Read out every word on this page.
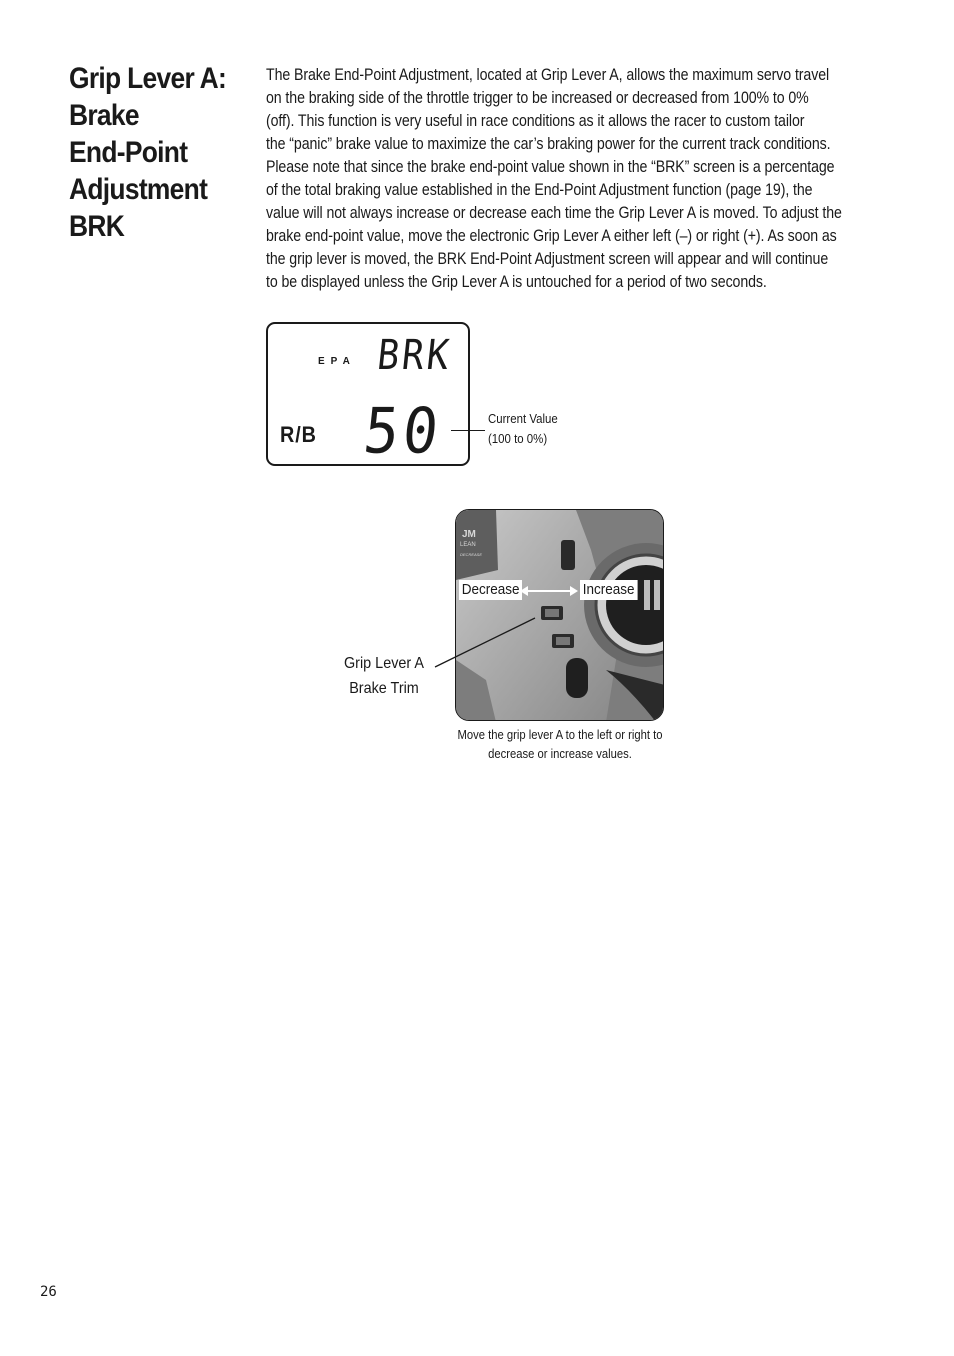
Grip Lever A:
Brake
End-Point
Adjustment
BRK

The Brake End-Point Adjustment, located at Grip Lever A, allows the maximum servo travel
on the braking side of the throttle trigger to be increased or decreased from 100% to 0%
(off). This function is very useful in race conditions as it allows the racer to custom tailor
the “panic” brake value to maximize the car’s braking power for the current track conditions.
Please note that since the brake end-point value shown in the “BRK” screen is a percentage
of the total braking value established in the End-Point Adjustment function (page 19), the
value will not always increase or decrease each time the Grip Lever A is moved. To adjust the
brake end-point value, move the electronic Grip Lever A either left (–) or right (+). As soon as
the grip lever is moved, the BRK End-Point Adjustment screen will appear and will continue
to be displayed unless the Grip Lever A is untouched for a period of two seconds.

EPA BRK
R/B 50	Current Value
(100 to 0%)
JM
LEAN
DECREASE
Decrease	Increase
Grip Lever A
Brake Trim
Move the grip lever A to the left or right to
decrease or increase values.
26
